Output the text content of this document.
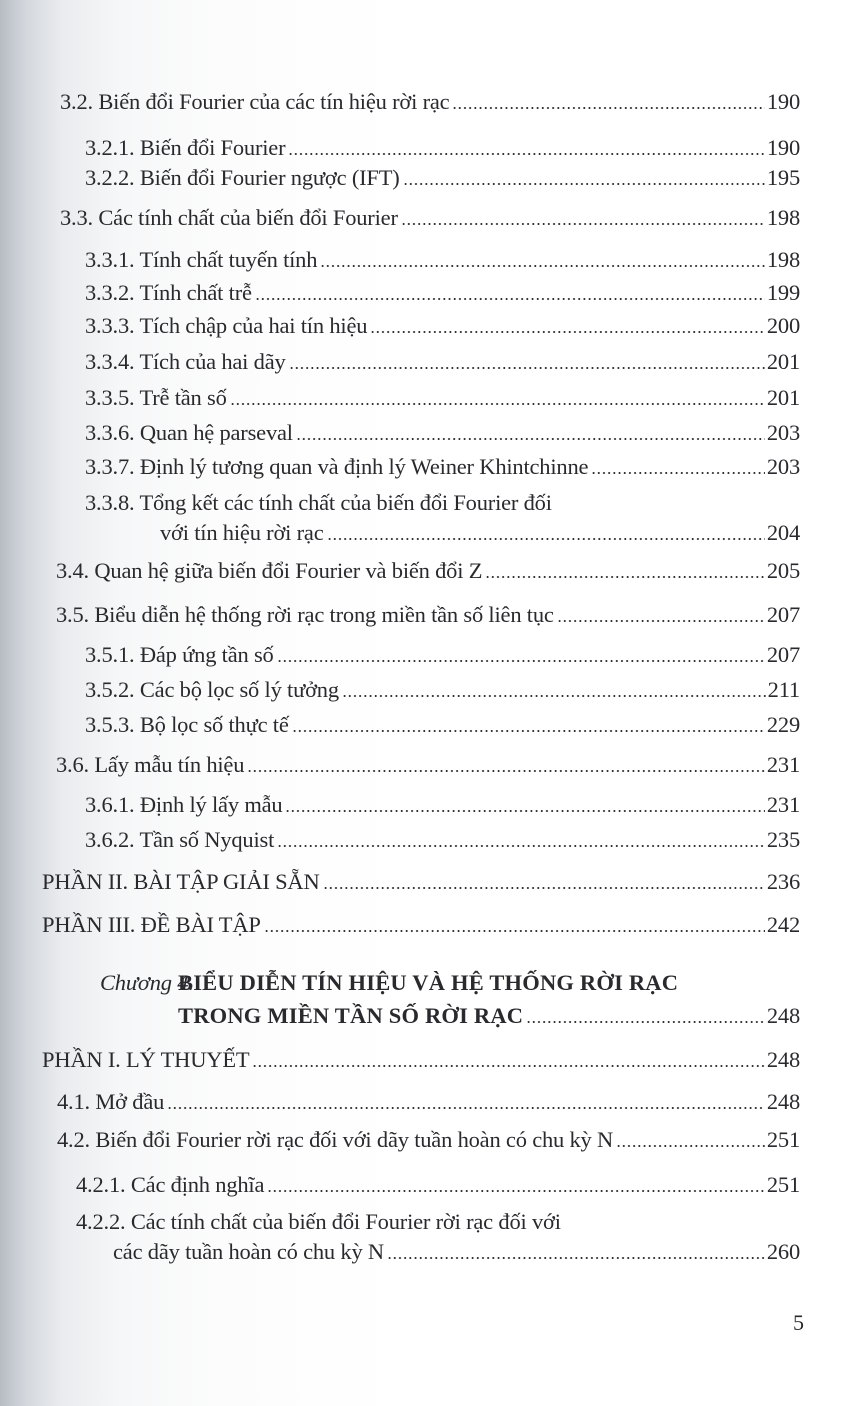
3.2. Biến đổi Fourier của các tín hiệu rời rạc	190
3.2.1. Biến đổi Fourier	190
3.2.2. Biến đổi Fourier ngược (IFT)	195
3.3. Các tính chất của biến đổi Fourier	198
3.3.1. Tính chất tuyến tính	198
3.3.2. Tính chất trễ	199
3.3.3. Tích chập của hai tín hiệu	200
3.3.4. Tích của hai dãy	201
3.3.5. Trễ tần số	201
3.3.6. Quan hệ parseval	203
3.3.7. Định lý tương quan và định lý Weiner Khintchinne	203
3.3.8. Tổng kết các tính chất của biến đổi Fourier đối
với tín hiệu rời rạc	204
3.4. Quan hệ giữa biến đổi Fourier và biến đổi Z	205
3.5. Biểu diễn hệ thống rời rạc trong miền tần số liên tục	207
3.5.1. Đáp ứng tần số	207
3.5.2. Các bộ lọc số lý tưởng	211
3.5.3. Bộ lọc số thực tế	229
3.6. Lấy mẫu tín hiệu	231
3.6.1. Định lý lấy mẫu	231
3.6.2. Tần số Nyquist	235
PHẦN II. BÀI TẬP GIẢI SẴN	236
PHẦN III. ĐỀ BÀI TẬP	242
Chương 4.
BIỂU DIỄN TÍN HIỆU VÀ HỆ THỐNG RỜI RẠC
TRONG MIỀN TẦN SỐ RỜI RẠC	248
PHẦN I. LÝ THUYẾT	248
4.1. Mở đầu	248
4.2. Biến đổi Fourier rời rạc đối với dãy tuần hoàn có chu kỳ N	251
4.2.1. Các định nghĩa	251
4.2.2. Các tính chất của biến đổi Fourier rời rạc đối với
các dãy tuần hoàn có chu kỳ N	260
5
